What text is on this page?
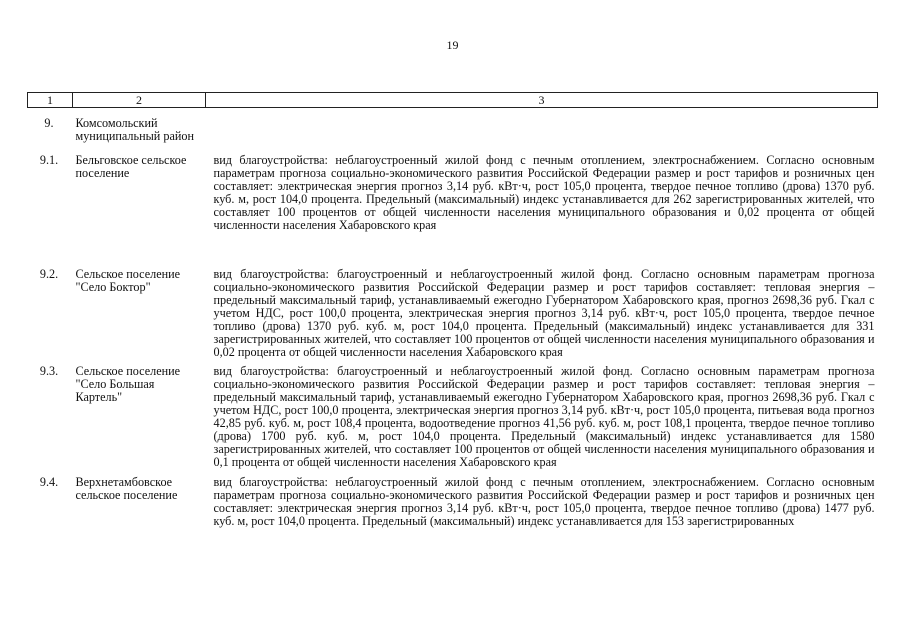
19
1	2	3
9.	Комсомольский муниципальный район	
9.1.	Бельговское сельское поселение	вид благоустройства: неблагоустроенный жилой фонд с печным отоплением, электроснабжением. Согласно основным параметрам прогноза социально-экономического развития Российской Федерации размер и рост тарифов и розничных цен составляет: электрическая энергия прогноз 3,14 руб. кВт·ч, рост 105,0 процента, твердое печное топливо (дрова) 1370 руб. куб. м, рост 104,0 процента. Предельный (максимальный) индекс устанавливается для 262 зарегистрированных жителей, что составляет 100 процентов от общей численности населения муниципального образования и 0,02 процента от общей численности населения Хабаровского края
9.2.	Сельское поселение "Село Боктор"	вид благоустройства: благоустроенный и неблагоустроенный жилой фонд. Согласно основным параметрам прогноза социально-экономического развития Российской Федерации размер и рост тарифов составляет: тепловая энергия – предельный максимальный тариф, устанавливаемый ежегодно Губернатором Хабаровского края, прогноз 2698,36 руб. Гкал с учетом НДС, рост 100,0 процента, электрическая энергия прогноз 3,14 руб. кВт·ч, рост 105,0 процента, твердое печное топливо (дрова) 1370 руб. куб. м, рост 104,0 процента. Предельный (максимальный) индекс устанавливается для 331 зарегистрированных жителей, что составляет 100 процентов от общей численности населения муниципального образования и 0,02 процента от общей численности населения Хабаровского края
9.3.	Сельское поселение "Село Большая Картель"	вид благоустройства: благоустроенный и неблагоустроенный жилой фонд. Согласно основным параметрам прогноза социально-экономического развития Российской Федерации размер и рост тарифов составляет: тепловая энергия – предельный максимальный тариф, устанавливаемый ежегодно Губернатором Хабаровского края, прогноз 2698,36 руб. Гкал с учетом НДС, рост 100,0 процента, электрическая энергия прогноз 3,14 руб. кВт·ч, рост 105,0 процента, питьевая вода прогноз 42,85 руб. куб. м, рост 108,4 процента, водоотведение прогноз 41,56 руб. куб. м, рост 108,1 процента, твердое печное топливо (дрова) 1700 руб. куб. м, рост 104,0 процента. Предельный (максимальный) индекс устанавливается для 1580 зарегистрированных жителей, что составляет 100 процентов от общей численности населения муниципального образования и 0,1 процента от общей численности населения Хабаровского края
9.4.	Верхнетамбовское сельское поселение	вид благоустройства: неблагоустроенный жилой фонд с печным отоплением, электроснабжением. Согласно основным параметрам прогноза социально-экономического развития Российской Федерации размер и рост тарифов и розничных цен составляет: электрическая энергия прогноз 3,14 руб. кВт·ч, рост 105,0 процента, твердое печное топливо (дрова) 1477 руб. куб. м, рост 104,0 процента. Предельный (максимальный) индекс устанавливается для 153 зарегистрированных
